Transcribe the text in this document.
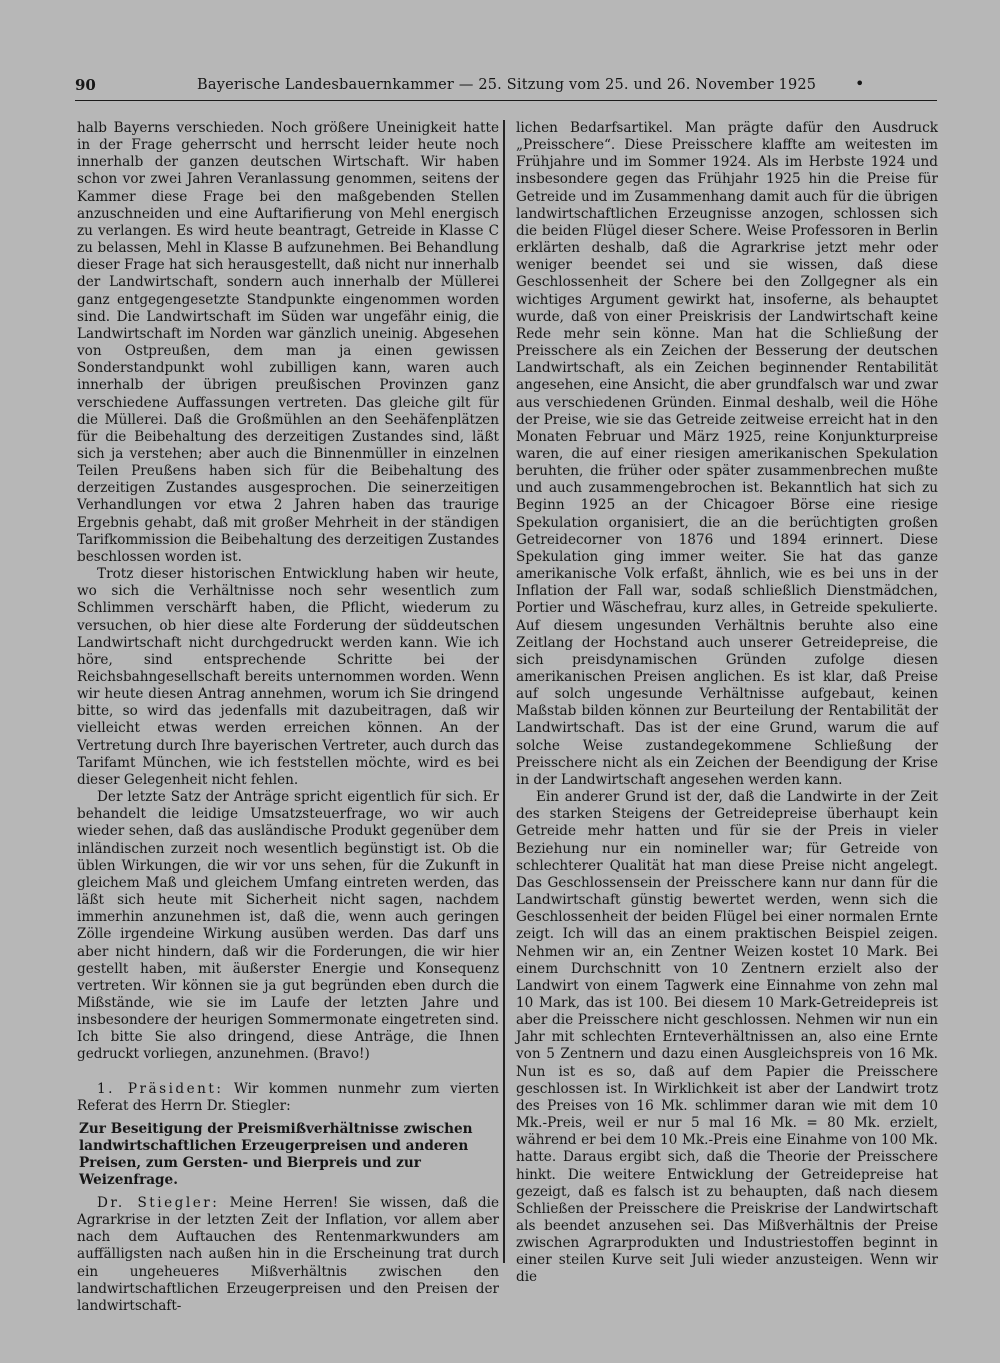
90	Bayerische Landesbauernkammer — 25. Sitzung vom 25. und 26. November 1925 •

halb Bayerns verschieden. Noch größere Uneinigkeit hatte in der Frage geherrscht und herrscht leider heute noch innerhalb der ganzen deutschen Wirtschaft. Wir haben schon vor zwei Jahren Veranlassung genommen, seitens der Kammer diese Frage bei den maßgebenden Stellen anzuschneiden und eine Auftarifierung von Mehl energisch zu verlangen. Es wird heute beantragt, Getreide in Klasse C zu belassen, Mehl in Klasse B aufzunehmen. Bei Behandlung dieser Frage hat sich herausgestellt, daß nicht nur innerhalb der Landwirtschaft, sondern auch innerhalb der Müllerei ganz entgegengesetzte Standpunkte eingenommen worden sind. Die Landwirtschaft im Süden war ungefähr einig, die Landwirtschaft im Norden war gänzlich uneinig. Abgesehen von Ostpreußen, dem man ja einen gewissen Sonderstandpunkt wohl zubilligen kann, waren auch innerhalb der übrigen preußischen Provinzen ganz verschiedene Auffassungen vertreten. Das gleiche gilt für die Müllerei. Daß die Großmühlen an den Seehäfenplätzen für die Beibehaltung des derzeitigen Zustandes sind, läßt sich ja verstehen; aber auch die Binnenmüller in einzelnen Teilen Preußens haben sich für die Beibehaltung des derzeitigen Zustandes ausgesprochen. Die seinerzeitigen Verhandlungen vor etwa 2 Jahren haben das traurige Ergebnis gehabt, daß mit großer Mehrheit in der ständigen Tarifkommission die Beibehaltung des derzeitigen Zustandes beschlossen worden ist.

Trotz dieser historischen Entwicklung haben wir heute, wo sich die Verhältnisse noch sehr wesentlich zum Schlimmen verschärft haben, die Pflicht, wiederum zu versuchen, ob hier diese alte Forderung der süddeutschen Landwirtschaft nicht durchgedruckt werden kann. Wie ich höre, sind entsprechende Schritte bei der Reichsbahngesellschaft bereits unternommen worden. Wenn wir heute diesen Antrag annehmen, worum ich Sie dringend bitte, so wird das jedenfalls mit dazubeitragen, daß wir vielleicht etwas werden erreichen können. An der Vertretung durch Ihre bayerischen Vertreter, auch durch das Tarifamt München, wie ich feststellen möchte, wird es bei dieser Gelegenheit nicht fehlen.

Der letzte Satz der Anträge spricht eigentlich für sich. Er behandelt die leidige Umsatzsteuerfrage, wo wir auch wieder sehen, daß das ausländische Produkt gegenüber dem inländischen zurzeit noch wesentlich begünstigt ist. Ob die üblen Wirkungen, die wir vor uns sehen, für die Zukunft in gleichem Maß und gleichem Umfang eintreten werden, das läßt sich heute mit Sicherheit nicht sagen, nachdem immerhin anzunehmen ist, daß die, wenn auch geringen Zölle irgendeine Wirkung ausüben werden. Das darf uns aber nicht hindern, daß wir die Forderungen, die wir hier gestellt haben, mit äußerster Energie und Konsequenz vertreten. Wir können sie ja gut begründen eben durch die Mißstände, wie sie im Laufe der letzten Jahre und insbesondere der heurigen Sommermonate eingetreten sind. Ich bitte Sie also dringend, diese Anträge, die Ihnen gedruckt vorliegen, anzunehmen. (Bravo!)

1. Präsident: Wir kommen nunmehr zum vierten Referat des Herrn Dr. Stiegler:

Zur Beseitigung der Preismißverhältnisse zwischen landwirtschaftlichen Erzeugerpreisen und anderen Preisen, zum Gersten- und Bierpreis und zur Weizenfrage.

Dr. Stiegler: Meine Herren! Sie wissen, daß die Agrarkrise in der letzten Zeit der Inflation, vor allem aber nach dem Auftauchen des Rentenmarkwunders am auffälligsten nach außen hin in die Erscheinung trat durch ein ungeheueres Mißverhältnis zwischen den landwirtschaftlichen Erzeugerpreisen und den Preisen der landwirtschaft-

lichen Bedarfsartikel. Man prägte dafür den Ausdruck „Preisschere“. Diese Preisschere klaffte am weitesten im Frühjahre und im Sommer 1924. Als im Herbste 1924 und insbesondere gegen das Frühjahr 1925 hin die Preise für Getreide und im Zusammenhang damit auch für die übrigen landwirtschaftlichen Erzeugnisse anzogen, schlossen sich die beiden Flügel dieser Schere. Weise Professoren in Berlin erklärten deshalb, daß die Agrarkrise jetzt mehr oder weniger beendet sei und sie wissen, daß diese Geschlossenheit der Schere bei den Zollgegner als ein wichtiges Argument gewirkt hat, insoferne, als behauptet wurde, daß von einer Preiskrisis der Landwirtschaft keine Rede mehr sein könne. Man hat die Schließung der Preisschere als ein Zeichen der Besserung der deutschen Landwirtschaft, als ein Zeichen beginnender Rentabilität angesehen, eine Ansicht, die aber grundfalsch war und zwar aus verschiedenen Gründen. Einmal deshalb, weil die Höhe der Preise, wie sie das Getreide zeitweise erreicht hat in den Monaten Februar und März 1925, reine Konjunkturpreise waren, die auf einer riesigen amerikanischen Spekulation beruhten, die früher oder später zusammenbrechen mußte und auch zusammengebrochen ist. Bekanntlich hat sich zu Beginn 1925 an der Chicagoer Börse eine riesige Spekulation organisiert, die an die berüchtigten großen Getreidecorner von 1876 und 1894 erinnert. Diese Spekulation ging immer weiter. Sie hat das ganze amerikanische Volk erfaßt, ähnlich, wie es bei uns in der Inflation der Fall war, sodaß schließlich Dienstmädchen, Portier und Wäschefrau, kurz alles, in Getreide spekulierte. Auf diesem ungesunden Verhältnis beruhte also eine Zeitlang der Hochstand auch unserer Getreidepreise, die sich preisdynamischen Gründen zufolge diesen amerikanischen Preisen anglichen. Es ist klar, daß Preise auf solch ungesunde Verhältnisse aufgebaut, keinen Maßstab bilden können zur Beurteilung der Rentabilität der Landwirtschaft. Das ist der eine Grund, warum die auf solche Weise zustandegekommene Schließung der Preisschere nicht als ein Zeichen der Beendigung der Krise in der Landwirtschaft angesehen werden kann.

Ein anderer Grund ist der, daß die Landwirte in der Zeit des starken Steigens der Getreidepreise überhaupt kein Getreide mehr hatten und für sie der Preis in vieler Beziehung nur ein nomineller war; für Getreide von schlechterer Qualität hat man diese Preise nicht angelegt. Das Geschlossensein der Preisschere kann nur dann für die Landwirtschaft günstig bewertet werden, wenn sich die Geschlossenheit der beiden Flügel bei einer normalen Ernte zeigt. Ich will das an einem praktischen Beispiel zeigen. Nehmen wir an, ein Zentner Weizen kostet 10 Mark. Bei einem Durchschnitt von 10 Zentnern erzielt also der Landwirt von einem Tagwerk eine Einnahme von zehn mal 10 Mark, das ist 100. Bei diesem 10 Mark-Getreidepreis ist aber die Preisschere nicht geschlossen. Nehmen wir nun ein Jahr mit schlechten Ernteverhältnissen an, also eine Ernte von 5 Zentnern und dazu einen Ausgleichspreis von 16 Mk. Nun ist es so, daß auf dem Papier die Preisschere geschlossen ist. In Wirklichkeit ist aber der Landwirt trotz des Preises von 16 Mk. schlimmer daran wie mit dem 10 Mk.-Preis, weil er nur 5 mal 16 Mk. = 80 Mk. erzielt, während er bei dem 10 Mk.-Preis eine Einahme von 100 Mk. hatte. Daraus ergibt sich, daß die Theorie der Preisschere hinkt. Die weitere Entwicklung der Getreidepreise hat gezeigt, daß es falsch ist zu behaupten, daß nach diesem Schließen der Preisschere die Preiskrise der Landwirtschaft als beendet anzusehen sei. Das Mißverhältnis der Preise zwischen Agrarprodukten und Industriestoffen beginnt in einer steilen Kurve seit Juli wieder anzusteigen. Wenn wir die
